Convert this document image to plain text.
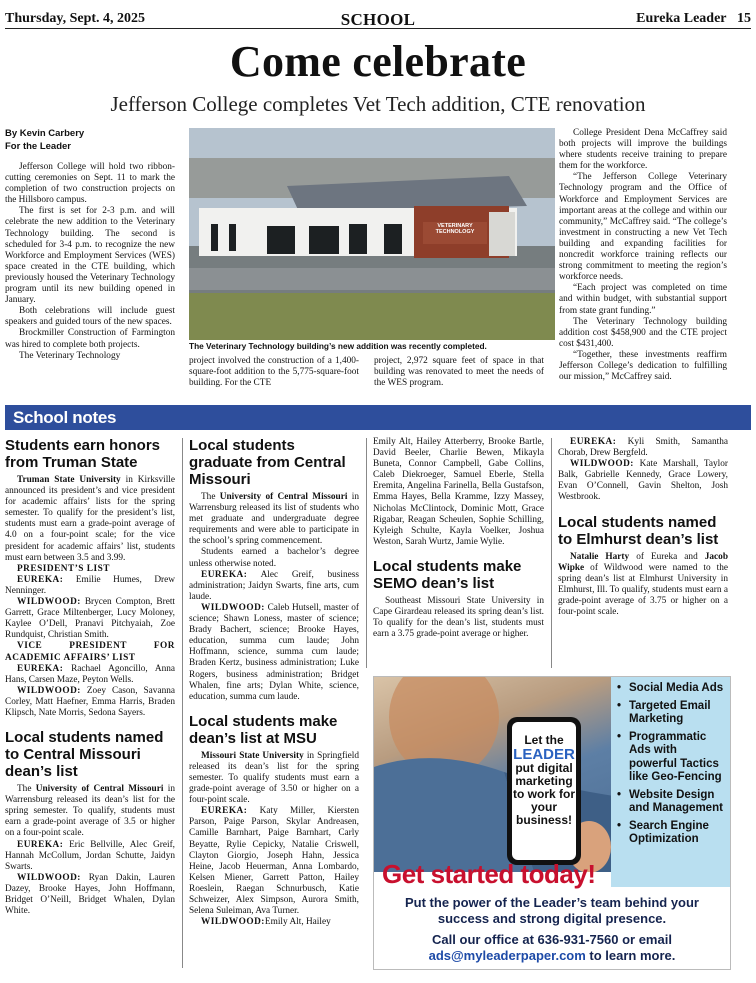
Thursday, Sept. 4, 2025	SCHOOL	Eureka Leader 15
Come celebrate
Jefferson College completes Vet Tech addition, CTE renovation
By Kevin Carbery
For the Leader

Jefferson College will hold two ribbon-cutting ceremonies on Sept. 11 to mark the completion of two construction projects on the Hillsboro campus.

The first is set for 2-3 p.m. and will celebrate the new addition to the Veterinary Technology building. The second is scheduled for 3-4 p.m. to recognize the new Workforce and Employment Services (WES) space created in the CTE building, which previously housed the Veterinary Technology program until its new building opened in January.

Both celebrations will include guest speakers and guided tours of the new spaces.

Brockmiller Construction of Farmington was hired to complete both projects.

The Veterinary Technology

VETERINARY TECHNOLOGY
The Veterinary Technology building’s new addition was recently completed.

project involved the construction of a 1,400-square-foot addition to the 5,775-square-foot building. For the CTE

project, 2,972 square feet of space in that building was renovated to meet the needs of the WES program.

College President Dena McCaffrey said both projects will improve the buildings where students receive training to prepare them for the workforce.

“The Jefferson College Veterinary Technology program and the Office of Workforce and Employment Services are important areas at the college and within our community,” McCaffrey said. “The college’s investment in constructing a new Vet Tech building and expanding facilities for noncredit workforce training reflects our strong commitment to meeting the region’s workforce needs.

“Each project was completed on time and within budget, with substantial support from state grant funding.”

The Veterinary Technology building addition cost $458,900 and the CTE project cost $431,400.

“Together, these investments reaffirm Jefferson College’s dedication to fulfilling our mission,” McCaffrey said.

School notes
Students earn honors from Truman State

Truman State University in Kirksville announced its president’s and vice president for academic affairs’ lists for the spring semester. To qualify for the president’s list, students must earn a grade-point average of 4.0 on a four-point scale; for the vice president for academic affairs’ list, students must earn between 3.5 and 3.99.

PRESIDENT’S LIST

EUREKA: Emilie Humes, Drew Nenninger.

WILDWOOD: Brycen Compton, Brett Garrett, Grace Miltenberger, Lucy Moloney, Kaylee O’Dell, Pranavi Pitchyaiah, Zoe Rundquist, Christian Smith.

VICE PRESIDENT FOR ACADEMIC AFFAIRS’ LIST

EUREKA: Rachael Agoncillo, Anna Hans, Carsen Maze, Peyton Wells.

WILDWOOD: Zoey Cason, Savanna Corley, Matt Haefner, Emma Harris, Braden Klipsch, Nate Morris, Sedona Sayers.

Local students named to Central Missouri dean’s list

The University of Central Missouri in Warrensburg released its dean’s list for the spring semester. To qualify, students must earn a grade-point average of 3.5 or higher on a four-point scale.

EUREKA: Eric Bellville, Alec Greif, Hannah McCollum, Jordan Schutte, Jaidyn Swarts.

WILDWOOD: Ryan Dakin, Lauren Dazey, Brooke Hayes, John Hoffmann, Bridget O’Neill, Bridget Whalen, Dylan White.

Local students graduate from Central Missouri

The University of Central Missouri in Warrensburg released its list of students who met graduate and undergraduate degree requirements and were able to participate in the school’s spring commencement.

Students earned a bachelor’s degree unless otherwise noted.

EUREKA: Alec Greif, business administration; Jaidyn Swarts, fine arts, cum laude.

WILDWOOD: Caleb Hutsell, master of science; Shawn Loness, master of science; Brady Bachert, science; Brooke Hayes, education, summa cum laude; John Hoffmann, science, summa cum laude; Braden Kertz, business administration; Luke Rogers, business administration; Bridget Whalen, fine arts; Dylan White, science, education, summa cum laude.

Local students make dean’s list at MSU

Missouri State University in Springfield released its dean’s list for the spring semester. To qualify students must earn a grade-point average of 3.50 or higher on a four-point scale.

EUREKA: Katy Miller, Kiersten Parson, Paige Parson, Skylar Andreasen, Camille Barnhart, Paige Barnhart, Carly Beyatte, Rylie Cepicky, Natalie Criswell, Clayton Giorgio, Joseph Hahn, Jessica Heine, Jacob Heuerman, Anna Lombardo, Kelsen Miener, Garrett Patton, Hailey Roeslein, Raegan Schnurbusch, Katie Schweizer, Alex Simpson, Aurora Smith, Selena Suleiman, Ava Turner.

WILDWOOD:Emily Alt, Hailey

Emily Alt, Hailey Atterberry, Brooke Bartle, David Beeler, Charlie Bewen, Mikayla Buneta, Connor Campbell, Gabe Collins, Caleb Diekroeger, Samuel Eberle, Stella Eremita, Angelina Farinella, Bella Gustafson, Emma Hayes, Bella Kramme, Izzy Massey, Nicholas McClintock, Dominic Mott, Grace Rigabar, Reagan Scheulen, Sophie Schilling, Kyleigh Schulte, Kayla Voelker, Joshua Weston, Sarah Wurtz, Jamie Wylie.

Local students make SEMO dean’s list

Southeast Missouri State University in Cape Girardeau released its spring dean’s list. To qualify for the dean’s list, students must earn a 3.75 grade-point average or higher.

EUREKA: Kyli Smith, Samantha Chorab, Drew Bergfeld.

WILDWOOD: Kate Marshall, Taylor Balk, Gabrielle Kennedy, Grace Lowery, Evan O’Connell, Gavin Shelton, Josh Westbrook.

Local students named to Elmhurst dean’s list

Natalie Harty of Eureka and Jacob Wipke of Wildwood were named to the spring dean’s list at Elmhurst University in Elmhurst, Ill. To qualify, students must earn a grade-point average of 3.75 or higher on a four-point scale.

Let the
LEADER
put digital marketing to work for your business!
• Social Media Ads
• Targeted Email Marketing
• Programmatic Ads with powerful Tactics like Geo-Fencing
• Website Design and Management
• Search Engine Optimization
Get started today!
Put the power of the Leader’s team behind your success and strong digital presence.
Call our office at 636-931-7560 or email
ads@myleaderpaper.com to learn more.
